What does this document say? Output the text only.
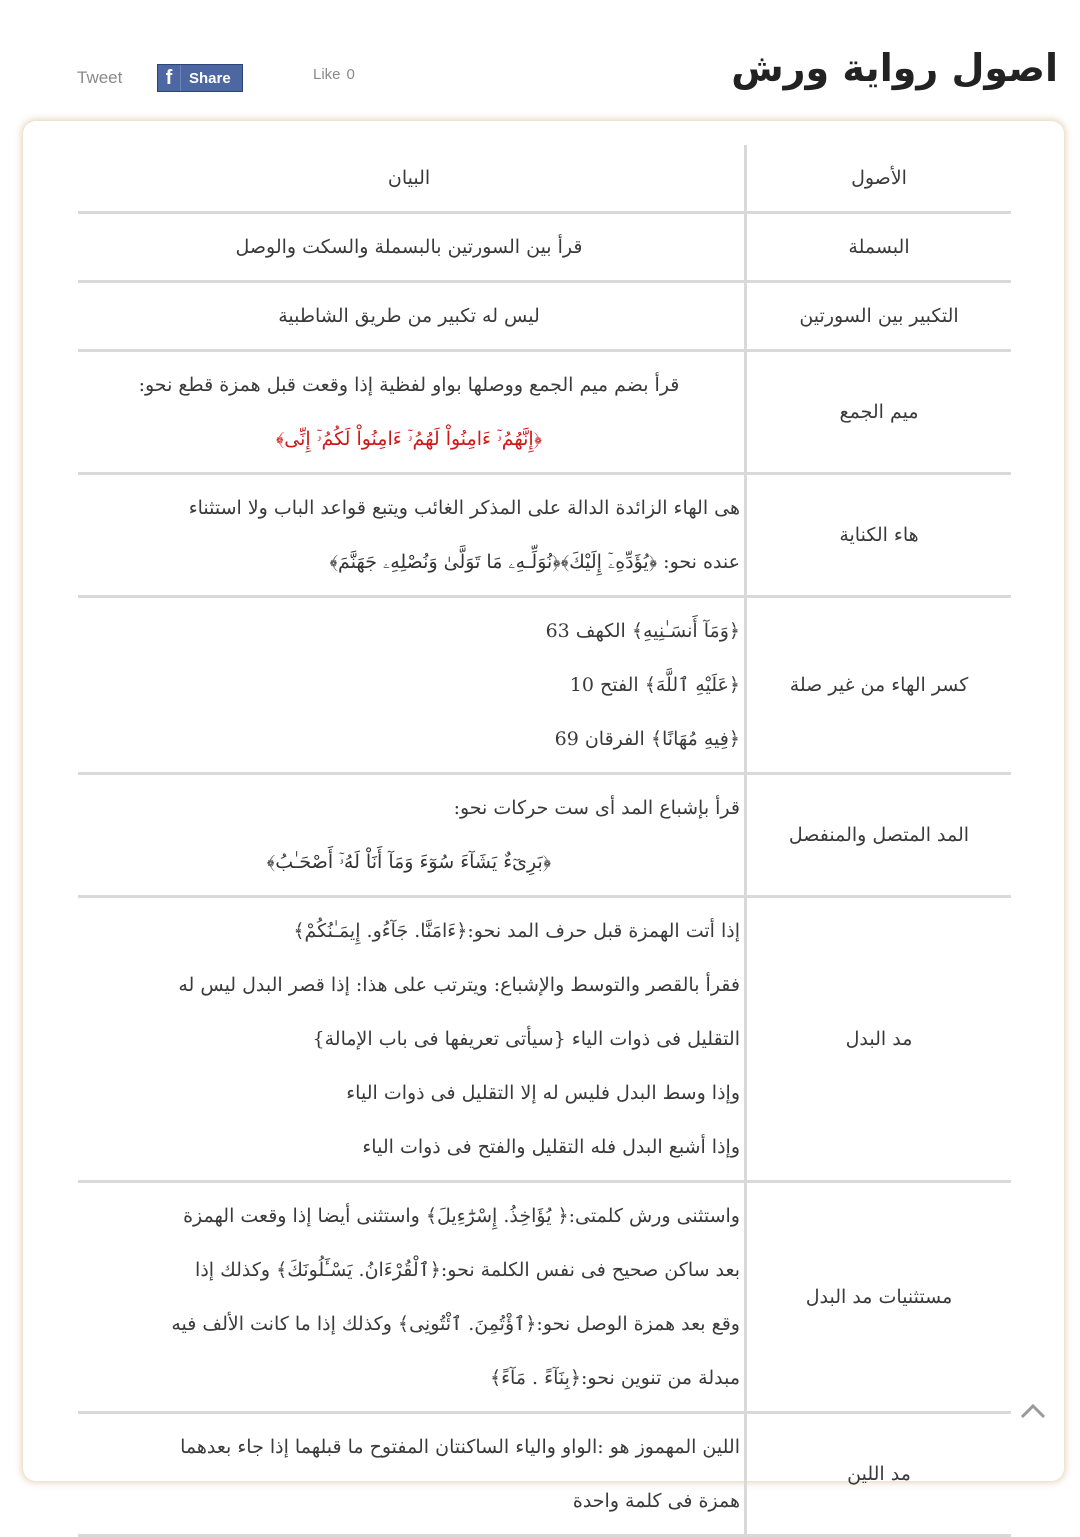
اصول رواية ورش
Tweet	f	Share	Like 0
الأصول	البيان
البسملة	قرأ بين السورتين بالبسملة والسكت والوصل

التكبير بين السورتين	ليس له تكبير من طريق الشاطبية

ميم الجمع	قرأ بضم ميم الجمع ووصلها بواو لفظية إذا وقعت قبل همزة قطع نحو:
﴿إِنَّهُمُۥٓ ءَامِنُواْ لَهُمُۥٓ ءَامِنُواْ لَكُمُۥٓ إِنِّى﴾

هاء الكناية	هى الهاء الزائدة الدالة على المذكر الغائب ويتبع قواعد الباب ولا استثناء
عنده نحو: ﴿يُؤَدِّهِۦٓ إِلَيْكَ﴾﴿نُوَلِّـهِۦ مَا تَوَلَّىٰ وَنُصْلِهِۦ جَهَنَّمَ﴾

كسر الهاء من غير صلة	﴿وَمَآ أَنسَـٰنِيهِ﴾ الكهف 63
﴿عَلَيْهِ ٱللَّهَ﴾ الفتح 10
﴿فِيهِ مُهَانًا﴾ الفرقان 69

المد المتصل والمنفصل	قرأ بإشباع المد أى ست حركات نحو:
﴿بَرِىٓءٌ يَشَآءَ سُوٓءَ وَمَآ أَنَاْ لَهُۥٓ أَصْحَـٰبُ﴾

مد البدل	إذا أتت الهمزة قبل حرف المد نحو:﴿ءَامَنَّا. جَآءُو. إِيمَـٰنُكُمْ﴾
فقرأ بالقصر والتوسط والإشباع: ويترتب على هذا: إذا قصر البدل ليس له
التقليل فى ذوات الياء {سيأتى تعريفها فى باب الإمالة}
وإذا وسط البدل فليس له إلا التقليل فى ذوات الياء
وإذا أشبع البدل فله التقليل والفتح فى ذوات الياء

مستثنيات مد البدل	واستثنى ورش كلمتى:﴿ يُؤَاخِذُ. إِسْرَٰٓءِيلَ﴾ واستثنى أيضا إذا وقعت الهمزة
بعد ساكن صحيح فى نفس الكلمة نحو:﴿ٱلْقُرْءَانُ. يَسْـَٔلُونَكَ﴾ وكذلك إذا
وقع بعد همزة الوصل نحو:﴿ٱؤْتُمِنَ. ٱئْتُونِى﴾ وكذلك إذا ما كانت الألف فيه
مبدلة من تنوين نحو:﴿بِنَآءً . مَآءً﴾

مد اللين	اللين المهموز هو :الواو والياء الساكنتان المفتوح ما قبلهما إذا جاء بعدهما
همزة فى كلمة واحدة
